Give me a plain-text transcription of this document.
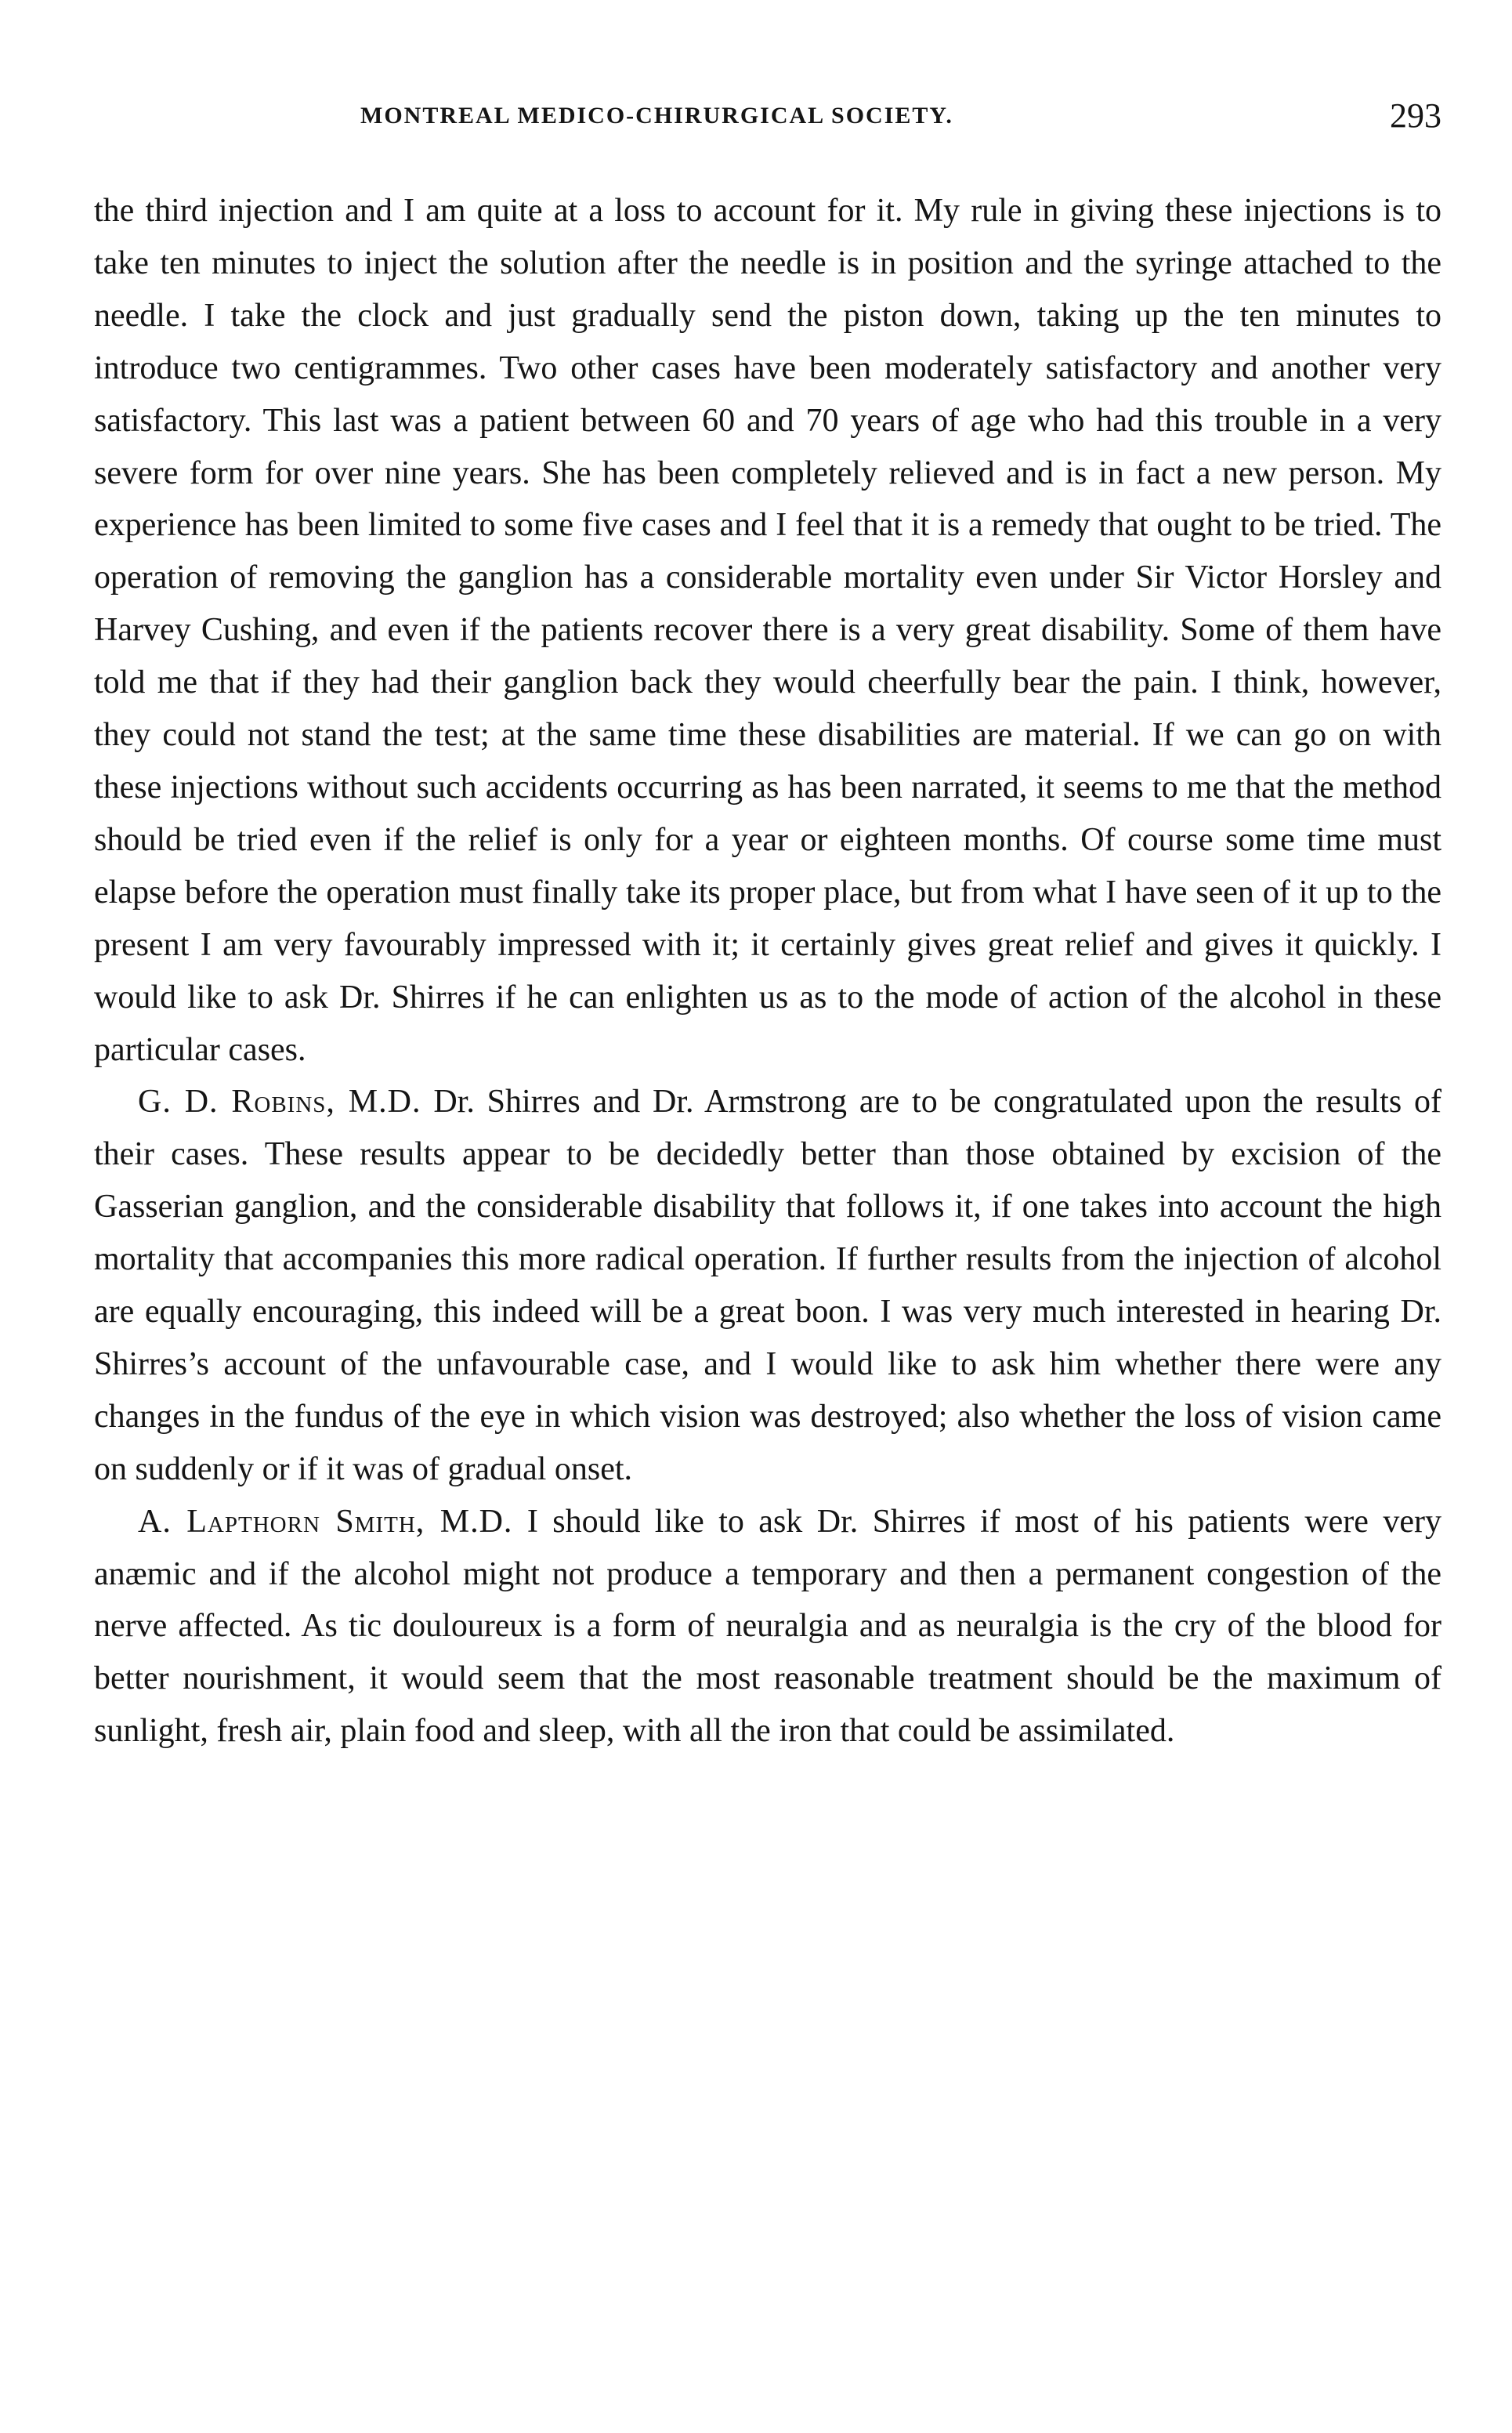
MONTREAL MEDICO-CHIRURGICAL SOCIETY.	293

the third injection and I am quite at a loss to account for it. My rule in giving these injections is to take ten minutes to inject the solution after the needle is in position and the syringe attached to the needle. I take the clock and just gradually send the piston down, taking up the ten minutes to introduce two centigrammes. Two other cases have been moderately satisfactory and another very satisfactory. This last was a patient between 60 and 70 years of age who had this trouble in a very severe form for over nine years. She has been completely relieved and is in fact a new person. My experience has been limited to some five cases and I feel that it is a remedy that ought to be tried. The operation of removing the ganglion has a considerable mortality even under Sir Victor Horsley and Harvey Cushing, and even if the patients recover there is a very great disability. Some of them have told me that if they had their ganglion back they would cheerfully bear the pain. I think, however, they could not stand the test; at the same time these disabilities are material. If we can go on with these injections without such accidents occurring as has been narrated, it seems to me that the method should be tried even if the relief is only for a year or eighteen months. Of course some time must elapse before the operation must finally take its proper place, but from what I have seen of it up to the present I am very favourably impressed with it; it certainly gives great relief and gives it quickly. I would like to ask Dr. Shirres if he can enlighten us as to the mode of action of the alcohol in these particular cases.

G. D. Robins, M.D. Dr. Shirres and Dr. Armstrong are to be congratulated upon the results of their cases. These results appear to be decidedly better than those obtained by excision of the Gasserian ganglion, and the considerable disability that follows it, if one takes into account the high mortality that accompanies this more radical operation. If further results from the injection of alcohol are equally encouraging, this indeed will be a great boon. I was very much interested in hearing Dr. Shirres’s account of the unfavourable case, and I would like to ask him whether there were any changes in the fundus of the eye in which vision was destroyed; also whether the loss of vision came on suddenly or if it was of gradual onset.

A. Lapthorn Smith, M.D. I should like to ask Dr. Shirres if most of his patients were very anæmic and if the alcohol might not produce a temporary and then a permanent congestion of the nerve affected. As tic douloureux is a form of neuralgia and as neuralgia is the cry of the blood for better nourishment, it would seem that the most reasonable treatment should be the maximum of sunlight, fresh air, plain food and sleep, with all the iron that could be assimilated.
